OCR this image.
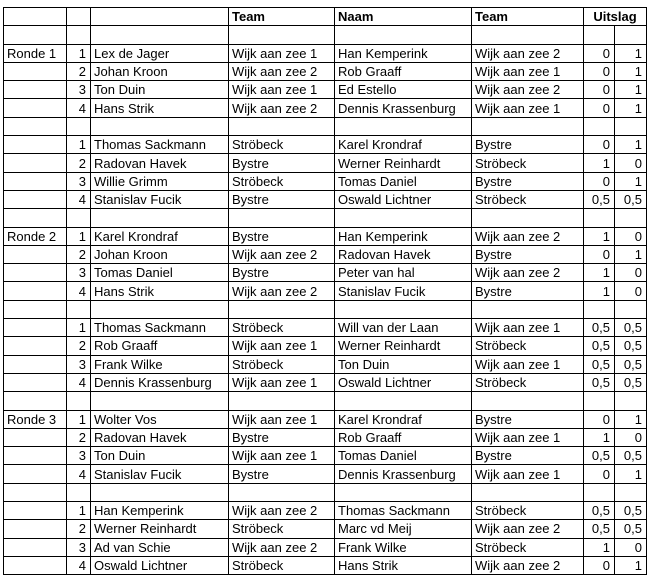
			Team	Naam	Team	Uitslag	

Ronde 1	1	Lex de Jager	Wijk aan zee 1	Han Kemperink	Wijk aan zee 2	0	1
	2	Johan Kroon	Wijk aan zee 2	Rob Graaff	Wijk aan zee 1	0	1
	3	Ton Duin	Wijk aan zee 1	Ed Estello	Wijk aan zee 2	0	1
	4	Hans Strik	Wijk aan zee 2	Dennis Krassenburg	Wijk aan zee 1	0	1

	1	Thomas Sackmann	Ströbeck	Karel Krondraf	Bystre	0	1
	2	Radovan Havek	Bystre	Werner Reinhardt	Ströbeck	1	0
	3	Willie Grimm	Ströbeck	Tomas Daniel	Bystre	0	1
	4	Stanislav Fucik	Bystre	Oswald Lichtner	Ströbeck	0,5	0,5

Ronde 2	1	Karel Krondraf	Bystre	Han Kemperink	Wijk aan zee 2	1	0
	2	Johan Kroon	Wijk aan zee 2	Radovan Havek	Bystre	0	1
	3	Tomas Daniel	Bystre	Peter van hal	Wijk aan zee 2	1	0
	4	Hans Strik	Wijk aan zee 2	Stanislav Fucik	Bystre	1	0

	1	Thomas Sackmann	Ströbeck	Will van der Laan	Wijk aan zee 1	0,5	0,5
	2	Rob Graaff	Wijk aan zee 1	Werner Reinhardt	Ströbeck	0,5	0,5
	3	Frank Wilke	Ströbeck	Ton Duin	Wijk aan zee 1	0,5	0,5
	4	Dennis Krassenburg	Wijk aan zee 1	Oswald Lichtner	Ströbeck	0,5	0,5

Ronde 3	1	Wolter Vos	Wijk aan zee 1	Karel Krondraf	Bystre	0	1
	2	Radovan Havek	Bystre	Rob Graaff	Wijk aan zee 1	1	0
	3	Ton Duin	Wijk aan zee 1	Tomas Daniel	Bystre	0,5	0,5
	4	Stanislav Fucik	Bystre	Dennis Krassenburg	Wijk aan zee 1	0	1

	1	Han Kemperink	Wijk aan zee 2	Thomas Sackmann	Ströbeck	0,5	0,5
	2	Werner Reinhardt	Ströbeck	Marc vd Meij	Wijk aan zee 2	0,5	0,5
	3	Ad van Schie	Wijk aan zee 2	Frank Wilke	Ströbeck	1	0
	4	Oswald Lichtner	Ströbeck	Hans Strik	Wijk aan zee 2	0	1
